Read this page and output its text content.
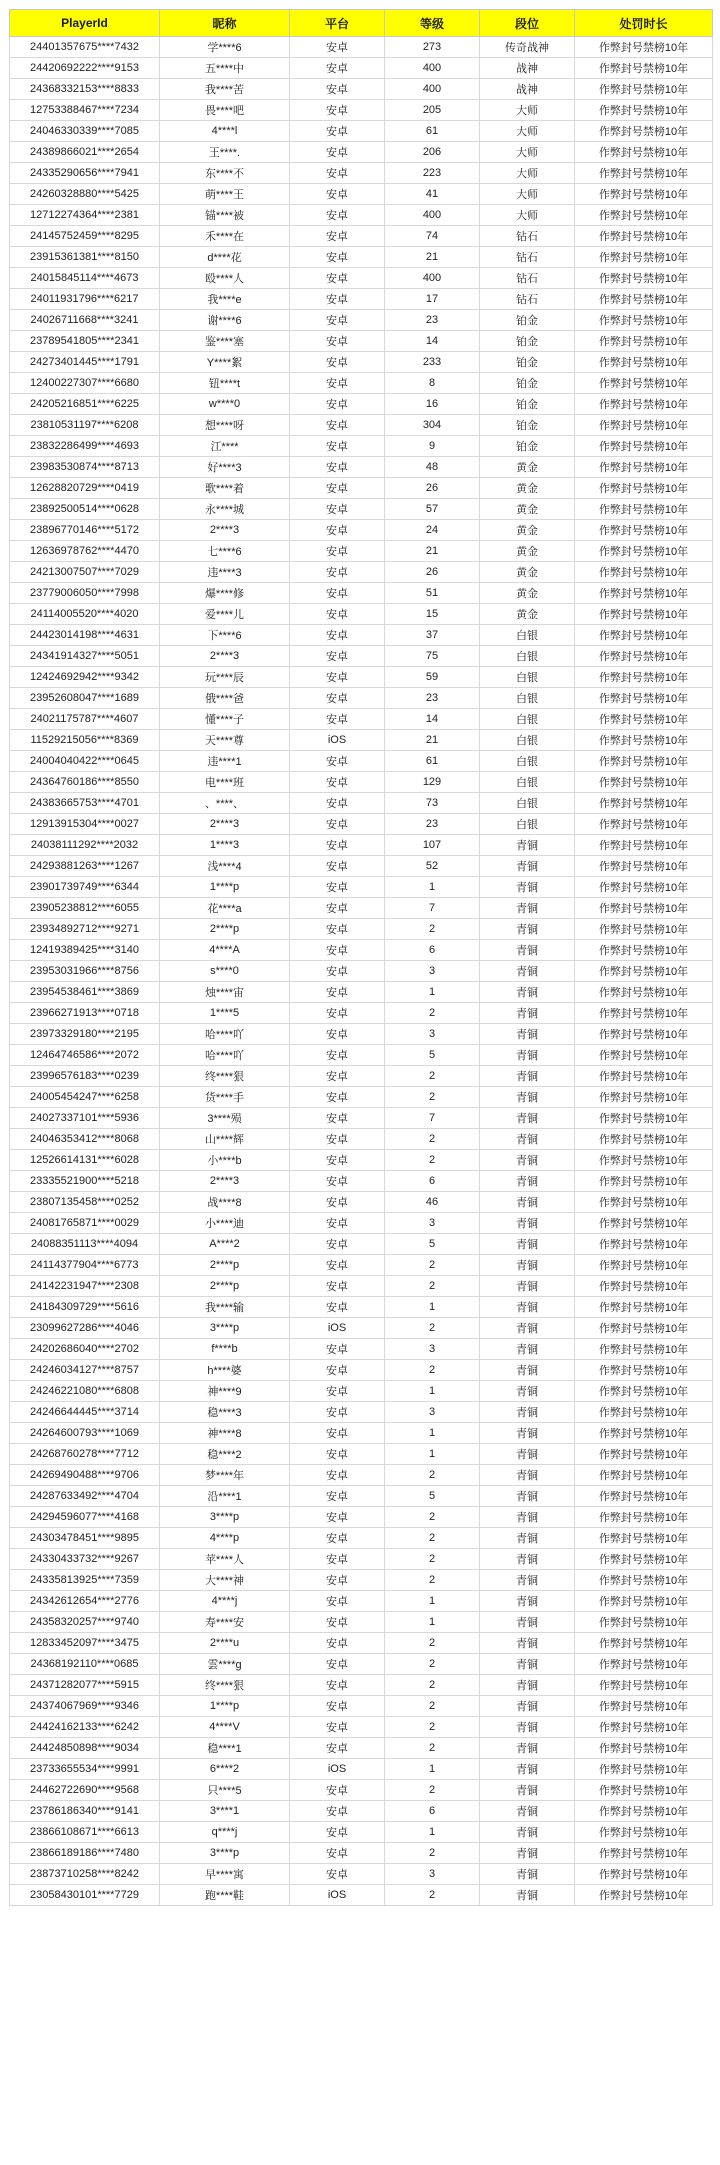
PlayerId	昵称	平台	等级	段位	处罚时长
24401357675****7432	学****6	安卓	273	传奇战神	作弊封号禁榜10年
24420692222****9153	五****中	安卓	400	战神	作弊封号禁榜10年
24368332153****8833	我****苦	安卓	400	战神	作弊封号禁榜10年
12753388467****7234	畏****吧	安卓	205	大师	作弊封号禁榜10年
24046330339****7085	4****l	安卓	61	大师	作弊封号禁榜10年
24389866021****2654	王****.	安卓	206	大师	作弊封号禁榜10年
24335290656****7941	东****不	安卓	223	大师	作弊封号禁榜10年
24260328880****5425	萌****王	安卓	41	大师	作弊封号禁榜10年
12712274364****2381	锚****被	安卓	400	大师	作弊封号禁榜10年
24145752459****8295	禾****在	安卓	74	钻石	作弊封号禁榜10年
23915361381****8150	d****花	安卓	21	钻石	作弊封号禁榜10年
24015845114****4673	殴****人	安卓	400	钻石	作弊封号禁榜10年
24011931796****6217	我****e	安卓	17	钻石	作弊封号禁榜10年
24026711668****3241	谢****6	安卓	23	铂金	作弊封号禁榜10年
23789541805****2341	鉴****塞	安卓	14	铂金	作弊封号禁榜10年
24273401445****1791	Y****絮	安卓	233	铂金	作弊封号禁榜10年
12400227307****6680	钮****t	安卓	8	铂金	作弊封号禁榜10年
24205216851****6225	w****0	安卓	16	铂金	作弊封号禁榜10年
23810531197****6208	想****呀	安卓	304	铂金	作弊封号禁榜10年
23832286499****4693	江****	安卓	9	铂金	作弊封号禁榜10年
23983530874****8713	好****3	安卓	48	黄金	作弊封号禁榜10年
12628820729****0419	歌****着	安卓	26	黄金	作弊封号禁榜10年
23892500514****0628	永****城	安卓	57	黄金	作弊封号禁榜10年
23896770146****5172	2****3	安卓	24	黄金	作弊封号禁榜10年
12636978762****4470	七****6	安卓	21	黄金	作弊封号禁榜10年
24213007507****7029	违****3	安卓	26	黄金	作弊封号禁榜10年
23779006050****7998	爆****修	安卓	51	黄金	作弊封号禁榜10年
24114005520****4020	爱****儿	安卓	15	黄金	作弊封号禁榜10年
24423014198****4631	下****6	安卓	37	白银	作弊封号禁榜10年
24341914327****5051	2****3	安卓	75	白银	作弊封号禁榜10年
12424692942****9342	玩****辰	安卓	59	白银	作弊封号禁榜10年
23952608047****1689	俄****爸	安卓	23	白银	作弊封号禁榜10年
24021175787****4607	懂****子	安卓	14	白银	作弊封号禁榜10年
11529215056****8369	天****尊	iOS	21	白银	作弊封号禁榜10年
24004040422****0645	违****1	安卓	61	白银	作弊封号禁榜10年
24364760186****8550	电****班	安卓	129	白银	作弊封号禁榜10年
24383665753****4701	、****、	安卓	73	白银	作弊封号禁榜10年
12913915304****0027	2****3	安卓	23	白银	作弊封号禁榜10年
24038111292****2032	1****3	安卓	107	青铜	作弊封号禁榜10年
24293881263****1267	浅****4	安卓	52	青铜	作弊封号禁榜10年
23901739749****6344	1****p	安卓	1	青铜	作弊封号禁榜10年
23905238812****6055	花****a	安卓	7	青铜	作弊封号禁榜10年
23934892712****9271	2****p	安卓	2	青铜	作弊封号禁榜10年
12419389425****3140	4****A	安卓	6	青铜	作弊封号禁榜10年
23953031966****8756	s****0	安卓	3	青铜	作弊封号禁榜10年
23954538461****3869	烛****宙	安卓	1	青铜	作弊封号禁榜10年
23966271913****0718	1****5	安卓	2	青铜	作弊封号禁榜10年
23973329180****2195	哈****吖	安卓	3	青铜	作弊封号禁榜10年
12464746586****2072	哈****吖	安卓	5	青铜	作弊封号禁榜10年
23996576183****0239	终****狠	安卓	2	青铜	作弊封号禁榜10年
24005454247****6258	货****手	安卓	2	青铜	作弊封号禁榜10年
24027337101****5936	3****殒	安卓	7	青铜	作弊封号禁榜10年
24046353412****8068	山****辉	安卓	2	青铜	作弊封号禁榜10年
12526614131****6028	小****b	安卓	2	青铜	作弊封号禁榜10年
23335521900****5218	2****3	安卓	6	青铜	作弊封号禁榜10年
23807135458****0252	战****8	安卓	46	青铜	作弊封号禁榜10年
24081765871****0029	小****迪	安卓	3	青铜	作弊封号禁榜10年
24088351113****4094	A****2	安卓	5	青铜	作弊封号禁榜10年
24114377904****6773	2****p	安卓	2	青铜	作弊封号禁榜10年
24142231947****2308	2****p	安卓	2	青铜	作弊封号禁榜10年
24184309729****5616	我****输	安卓	1	青铜	作弊封号禁榜10年
23099627286****4046	3****p	iOS	2	青铜	作弊封号禁榜10年
24202686040****2702	f****b	安卓	3	青铜	作弊封号禁榜10年
24246034127****8757	h****婆	安卓	2	青铜	作弊封号禁榜10年
24246221080****6808	神****9	安卓	1	青铜	作弊封号禁榜10年
24246644445****3714	稳****3	安卓	3	青铜	作弊封号禁榜10年
24264600793****1069	神****8	安卓	1	青铜	作弊封号禁榜10年
24268760278****7712	稳****2	安卓	1	青铜	作弊封号禁榜10年
24269490488****9706	梦****年	安卓	2	青铜	作弊封号禁榜10年
24287633492****4704	沿****1	安卓	5	青铜	作弊封号禁榜10年
24294596077****4168	3****p	安卓	2	青铜	作弊封号禁榜10年
24303478451****9895	4****p	安卓	2	青铜	作弊封号禁榜10年
24330433732****9267	苹****人	安卓	2	青铜	作弊封号禁榜10年
24335813925****7359	大****神	安卓	2	青铜	作弊封号禁榜10年
24342612654****2776	4****j	安卓	1	青铜	作弊封号禁榜10年
24358320257****9740	寿****安	安卓	1	青铜	作弊封号禁榜10年
12833452097****3475	2****u	安卓	2	青铜	作弊封号禁榜10年
24368192110****0685	雲****g	安卓	2	青铜	作弊封号禁榜10年
24371282077****5915	终****狠	安卓	2	青铜	作弊封号禁榜10年
24374067969****9346	1****p	安卓	2	青铜	作弊封号禁榜10年
24424162133****6242	4****V	安卓	2	青铜	作弊封号禁榜10年
24424850898****9034	稳****1	安卓	2	青铜	作弊封号禁榜10年
23733655534****9991	6****2	iOS	1	青铜	作弊封号禁榜10年
24462722690****9568	只****5	安卓	2	青铜	作弊封号禁榜10年
23786186340****9141	3****1	安卓	6	青铜	作弊封号禁榜10年
23866108671****6613	q****j	安卓	1	青铜	作弊封号禁榜10年
23866189186****7480	3****p	安卓	2	青铜	作弊封号禁榜10年
23873710258****8242	早****寓	安卓	3	青铜	作弊封号禁榜10年
23058430101****7729	跑****鞋	iOS	2	青铜	作弊封号禁榜10年
